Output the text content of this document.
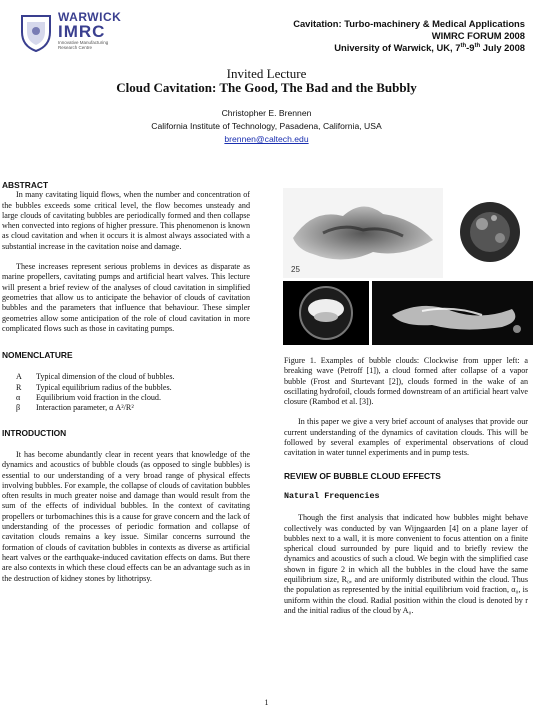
WARWICK
IMRC
Innovative Manufacturing
Research Centre
Cavitation: Turbo-machinery & Medical Applications
WIMRC FORUM 2008
University of Warwick, UK, 7th-9th July 2008
Invited Lecture
Cloud Cavitation: The Good, The Bad and the Bubbly
Christopher E. Brennen
California Institute of Technology, Pasadena, California, USA
brennen@caltech.edu

ABSTRACT

In many cavitating liquid flows, when the number and concentration of the bubbles exceeds some critical level, the flow becomes unsteady and large clouds of cavitating bubbles are periodically formed and then collapse when convected into regions of higher pressure. This phenomenon is known as cloud cavitation and when it occurs it is almost always associated with a substantial increase in the cavitation noise and damage.

These increases represent serious problems in devices as disparate as marine propellers, cavitating pumps and artificial heart valves. This lecture will present a brief review of the analyses of cloud cavitation in simplified geometries that allow us to anticipate the behavior of clouds of cavitation bubbles and the parameters that influence that behaviour. These simpler geometries allow some anticipation of the role of cloud cavitation in more complicated flows such as those in cavitating pumps.

NOMENCLATURE

A	Typical dimension of the cloud of bubbles.
R	Typical equilibrium radius of the bubbles.
α	Equilibrium void fraction in the cloud.
β	Interaction parameter, α A²/R²

INTRODUCTION

It has become abundantly clear in recent years that knowledge of the dynamics and acoustics of bubble clouds (as opposed to single bubbles) is essential to our understanding of a very broad range of physical effects involving bubbles. For example, the collapse of clouds of cavitation bubbles often results in much greater noise and damage than would result from the sum of the effects of individual bubbles. In the context of cavitating propellers or turbomachines this is a cause for grave concern and the lack of understanding of the processes of periodic formation and collapse of cavitation clouds remains a key issue. Similar concerns surround the formation of clouds of cavitation bubbles in contexts as diverse as artificial heart valves or the earthquake-induced cavitation effects on dams. But there are also contexts in which these cloud effects can be an advantage such as in the destruction of kidney stones by lithotripsy.

25

Figure 1. Examples of bubble clouds: Clockwise from upper left: a breaking wave (Petroff [1]), a cloud formed after collapse of a vapor bubble (Frost and Sturtevant [2]), clouds formed in the wake of an oscillating hydrofoil, clouds formed downstream of an artificial heart valve closure (Rambod et al. [3]).

In this paper we give a very brief account of analyses that provide our current understanding of the dynamics of cavitation clouds. This will be followed by several examples of experimental observations of cloud cavitation in water tunnel experiments and in pump tests.

REVIEW OF BUBBLE CLOUD EFFECTS

Natural Frequencies

Though the first analysis that indicated how bubbles might behave collectively was conducted by van Wijngaarden [4] on a plane layer of bubbles next to a wall, it is more convenient to focus attention on a finite spherical cloud surrounded by pure liquid and to briefly review the dynamics and acoustics of such a cloud. We begin with the simplified case shown in figure 2 in which all the bubbles in the cloud have the same equilibrium size, R₀, and are uniformly distributed within the cloud. Thus the population as represented by the initial equilibrium void fraction, α₀, is uniform within the cloud. Radial position within the cloud is denoted by r and the initial radius of the cloud by A₀.

1
